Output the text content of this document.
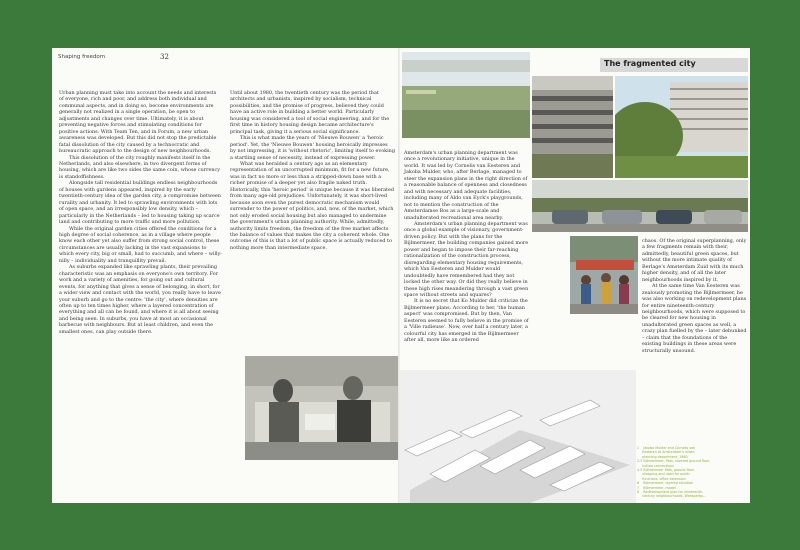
Shaping freedom	32

Urban planning must take into account the needs and interests of everyone, rich and poor, and address both individual and communal aspects, and in doing so, become environments are generally not realized in a single operation, be open to adjustments and changes over time. Ultimately, it is about preventing negative forces and stimulating conditions for positive actions. With Team Ten, and in Forum, a new urban awareness was developed. But this did not stop the predictable fatal dissolution of the city caused by a technocratic and bureaucratic approach to the design of new neighbourhoods.

This dissolution of the city roughly manifests itself in the Netherlands, and also elsewhere, in two divergent forms of housing, which are like two sides the same coin, whose currency is standoffishness.

Alongside tall residential buildings endless neighbourhoods of houses with gardens appeared, inspired by the early twentieth-century idea of the garden city, a compromise between rurality and urbanity. It led to sprawling environments with lots of open space, and an irresponsibly low density, which – particularly in the Netherlands – led to housing taking up scarce land and contributing to more traffic and more pollution.

While the original garden cities offered the conditions for a high degree of social coherence, as in a village where people know each other yet also suffer from strong social control, these circumstances are usually lacking in the vast expansions to which every city, big or small, had to succumb, and where – willy-nilly – individuality and tranquillity prevail.

As suburbs expanded like sprawling plants, their prevailing characteristic was an emphasis on everyone's own territory. For work and a variety of amenities, for going out and cultural events, for anything that gives a sense of belonging, in short, for a wider view and contact with the world, you really have to leave your suburb and go to the centre: 'the city', where densities are often up to ten times higher, where a layered concentration of everything and all can be found, and where it is all about seeing and being seen. In suburbs, you have at most an occasional barbecue with neighbours. But at least children, and even the smallest ones, can play outside there.

Until about 1980, the twentieth century was the period that architects and urbanists, inspired by socialism, technical possibilities, and the promise of progress, believed they could have an active role in building a better world. Particularly housing was considered a tool of social engineering, and for the first time in history housing design became architecture's principal task, giving it a serious social significance.

This is what made the years of 'Nieuwe Bouwen' a 'heroic period'. Yet, the 'Nieuwe Bouwen' housing heroically impresses by not impressing, it is 'without rhetoric', limiting itself to evoking a startling sense of necessity, instead of expressing power.

What was heralded a century ago as an elementary representation of an uncorrupted minimum, fit for a new future, was in fact no more or less than a stripped-down base with a richer promise of a deeper yet also fragile naked truth. Historically, this 'heroic period' is unique because it was liberated from many age-old prejudices. Unfortunately, it was short-lived because soon even the purest democratic mechanism would surrender to the power of politics, and, now, of the market, which not only eroded social housing but also managed to undermine the government's urban planning authority. While, admittedly, authority limits freedom, the freedom of the free market affects the balance of values that makes the city a coherent whole. One outcome of this is that a lot of public space is actually reduced to nothing more than intermediate space.

The fragmented city

Amsterdam's urban planning department was once a revolutionary initiative, unique in the world. It was led by Cornelis van Eesteren and Jakoba Mulder, who, after Berlage, managed to steer the expansion plans in the right direction of a reasonable balance of openness and closedness and with necessary and adequate facilities, including many of Aldo van Eyck's playgrounds, not to mention the construction of the Amsterdamse Bos as a large-scale and unadulterated recreational area nearby.

Amsterdam's urban planning department was once a global example of visionary, government-driven policy. But with the plans for the Bijlmermeer, the building companies gained more power and began to impose their far-reaching rationalization of the construction process, disregarding elementary housing requirements, which Van Eesteren and Mulder would undoubtedly have remembered had they not locked the other way. Or did they really believe in these high rises meandering through a vast green space without streets and squares?

It is no secret that Ko Mulder did criticize the Bijlmermeer plans. According to her, 'the human aspect' was compromised. But by then, Van Eesteren seemed to fully believe in the promise of a 'Ville radieuse'. Now, over half a century later, a colourful city has emerged in the Bijlmermeer after all, more like an ordered

chaos. Of the original superplanning, only a few fragments remain with their, admittedly, beautiful green spaces, but without the more intimate quality of Berlage's Amsterdam Zuid with its much higher density, and of all the later neighbourhoods inspired by it.

At the same time Van Eesteren was zealously promoting the Bijlmermeer, he was also working on redevelopment plans for entire nineteenth-century neighbourhoods, which were supposed to be cleared for new housing in unadulterated green spaces as well, a crazy plan fuelled by the – later debunked – claim that the foundations of the existing buildings in these areas were structurally unsound.

1    Jakoba Mulder and Cornelis van
Eesteren at Amsterdam's urban
planning department, 1960
2-3 Bijlmermeer, flats, covered ground floor,
hollow connections
4-5 Bijlmermeer flats, ground floor,
shopping and used for public
functions, office extension
6    Bijlmermeer, layered situation
7    Bijlmermeer, model
8    Redevelopment plan for nineteenth-
century neighbourhoods, Weesperbu...
